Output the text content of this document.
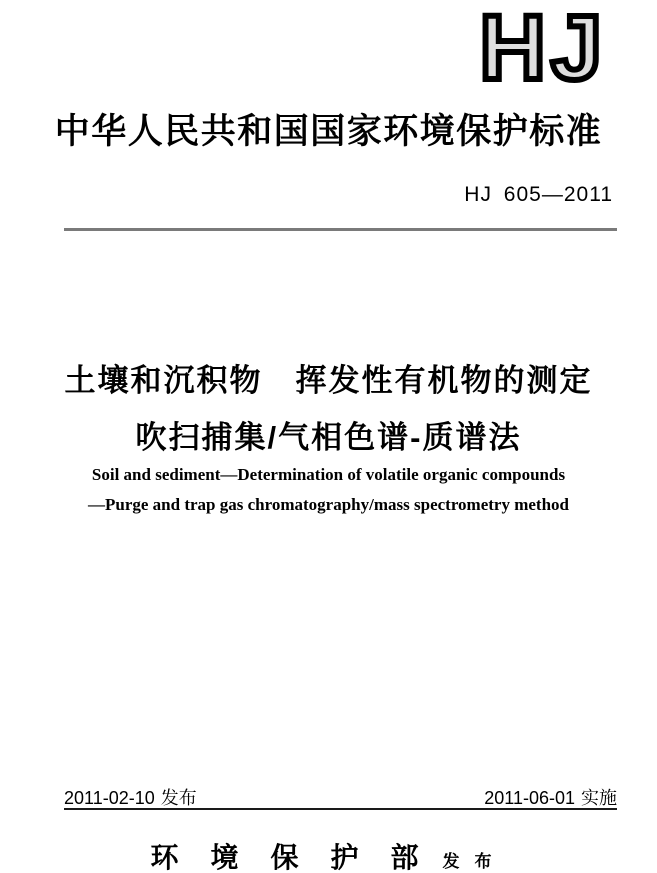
HJ
中华人民共和国国家环境保护标准
HJ 605—2011
土壤和沉积物　挥发性有机物的测定
吹扫捕集/气相色谱-质谱法
Soil and sediment—Determination of volatile organic compounds
—Purge and trap gas chromatography/mass spectrometry method
2011-02-10 发布	2011-06-01 实施
环境保护部发布
